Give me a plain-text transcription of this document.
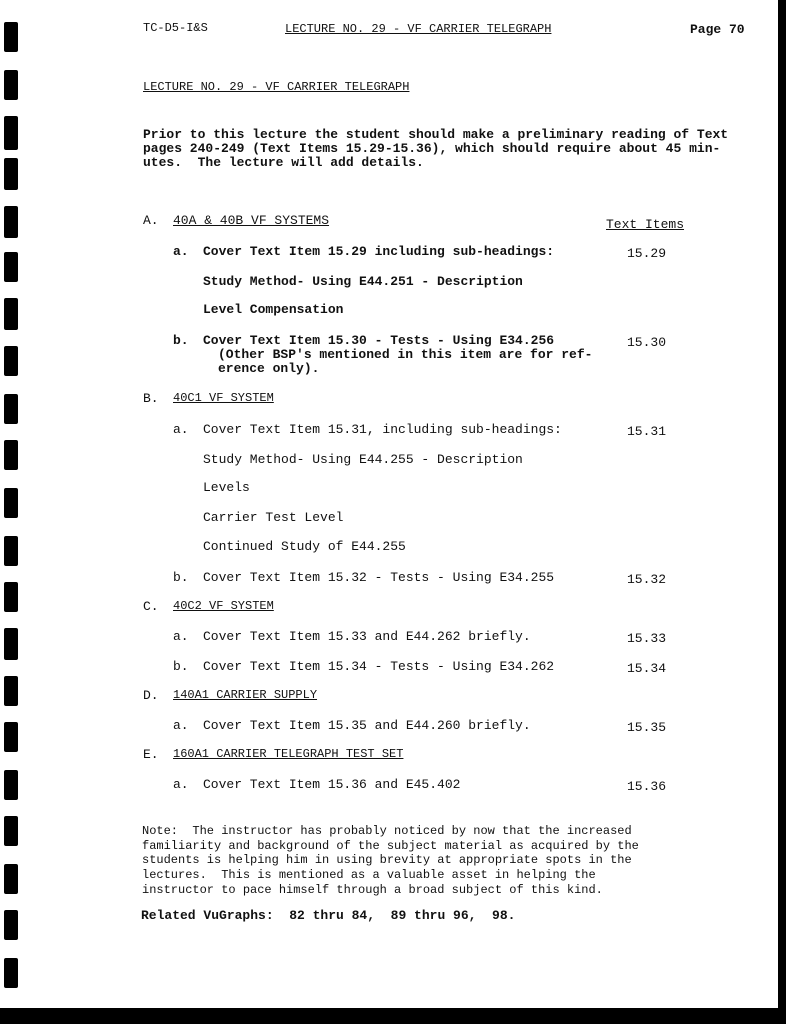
TC-D5-I&S	LECTURE NO. 29 - VF CARRIER TELEGRAPH	Page 70
LECTURE NO. 29 - VF CARRIER TELEGRAPH
Prior to this lecture the student should make a preliminary reading of Text
pages 240-249 (Text Items 15.29-15.36), which should require about 45 min-
utes.  The lecture will add details.
Text Items
A. 40A & 40B VF SYSTEMS
a. Cover Text Item 15.29 including sub-headings:	15.29
Study Method- Using E44.251 - Description
Level Compensation
b. Cover Text Item 15.30 - Tests - Using E34.256	15.30
(Other BSP's mentioned in this item are for ref-
erence only).
B. 40C1 VF SYSTEM
a. Cover Text Item 15.31, including sub-headings:	15.31
Study Method- Using E44.255 - Description
Levels
Carrier Test Level
Continued Study of E44.255
b. Cover Text Item 15.32 - Tests - Using E34.255	15.32
C. 40C2 VF SYSTEM
a. Cover Text Item 15.33 and E44.262 briefly.	15.33
b. Cover Text Item 15.34 - Tests - Using E34.262	15.34
D. 140A1 CARRIER SUPPLY
a. Cover Text Item 15.35 and E44.260 briefly.	15.35
E. 160A1 CARRIER TELEGRAPH TEST SET
a. Cover Text Item 15.36 and E45.402	15.36
Note:  The instructor has probably noticed by now that the increased
familiarity and background of the subject material as acquired by the
students is helping him in using brevity at appropriate spots in the
lectures.  This is mentioned as a valuable asset in helping the
instructor to pace himself through a broad subject of this kind.
Related VuGraphs:  82 thru 84,  89 thru 96,  98.
